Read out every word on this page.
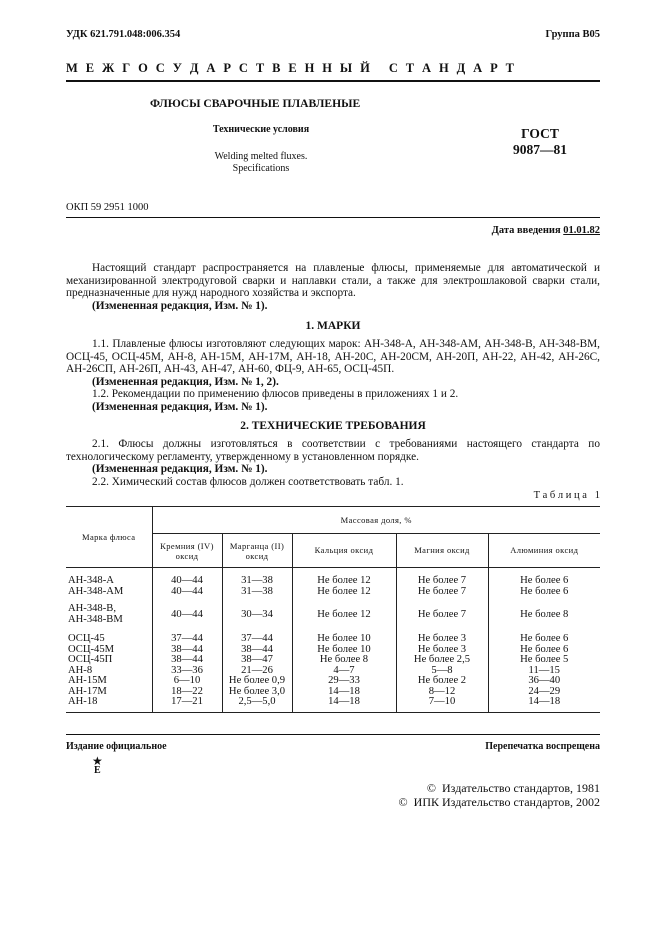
УДК 621.791.048:006.354	Группа В05
М Е Ж Г О С У Д А Р С Т В Е Н Н Ы Й   С Т А Н Д А Р Т
ФЛЮСЫ СВАРОЧНЫЕ ПЛАВЛЕНЫЕ
Технические условия
Welding melted fluxes.
Specifications
ГОСТ
9087—81
ОКП 59 2951 1000
Дата введения 01.01.82
Настоящий стандарт распространяется на плавленые флюсы, применяемые для автоматической и механизированной электродуговой сварки и наплавки стали, а также для электрошлаковой сварки стали, предназначенные для нужд народного хозяйства и экспорта.
(Измененная редакция, Изм. № 1).
1. МАРКИ
1.1. Плавленые флюсы изготовляют следующих марок: АН-348-А, АН-348-АМ, АН-348-В, АН-348-ВМ, ОСЦ-45, ОСЦ-45М, АН-8, АН-15М, АН-17М, АН-18, АН-20С, АН-20СМ, АН-20П, АН-22, АН-42, АН-26С, АН-26СП, АН-26П, АН-43, АН-47, АН-60, ФЦ-9, АН-65, ОСЦ-45П.
(Измененная редакция, Изм. № 1, 2).
1.2. Рекомендации по применению флюсов приведены в приложениях 1 и 2.
(Измененная редакция, Изм. № 1).
2. ТЕХНИЧЕСКИЕ ТРЕБОВАНИЯ
2.1. Флюсы должны изготовляться в соответствии с требованиями настоящего стандарта по технологическому регламенту, утвержденному в установленном порядке.
(Измененная редакция, Изм. № 1).
2.2. Химический состав флюсов должен соответствовать табл. 1.
Т а б л и ц а   1
Марка флюса	Массовая доля, %				
	Кремния (IV) оксид	Марганца (II) оксид	Кальция оксид	Магния оксид	Алюминия оксид
АН-348-А	40—44	31—38	Не более 12	Не более 7	Не более 6
АН-348-АМ	40—44	31—38	Не более 12	Не более 7	Не более 6
АН-348-В, АН-348-ВМ	40—44	30—34	Не более 12	Не более 7	Не более 8
ОСЦ-45	37—44	37—44	Не более 10	Не более 3	Не более 6
ОСЦ-45М	38—44	38—44	Не более 10	Не более 3	Не более 6
ОСЦ-45П	38—44	38—47	Не более 8	Не более 2,5	Не более 5
АН-8	33—36	21—26	4—7	5—8	11—15
АН-15М	6—10	Не более 0,9	29—33	Не более 2	36—40
АН-17М	18—22	Не более 3,0	14—18	8—12	24—29
АН-18	17—21	2,5—5,0	14—18	7—10	14—18
Издание официальное	Перепечатка воспрещена
★
Е
©  Издательство стандартов, 1981
©  ИПК Издательство стандартов, 2002
